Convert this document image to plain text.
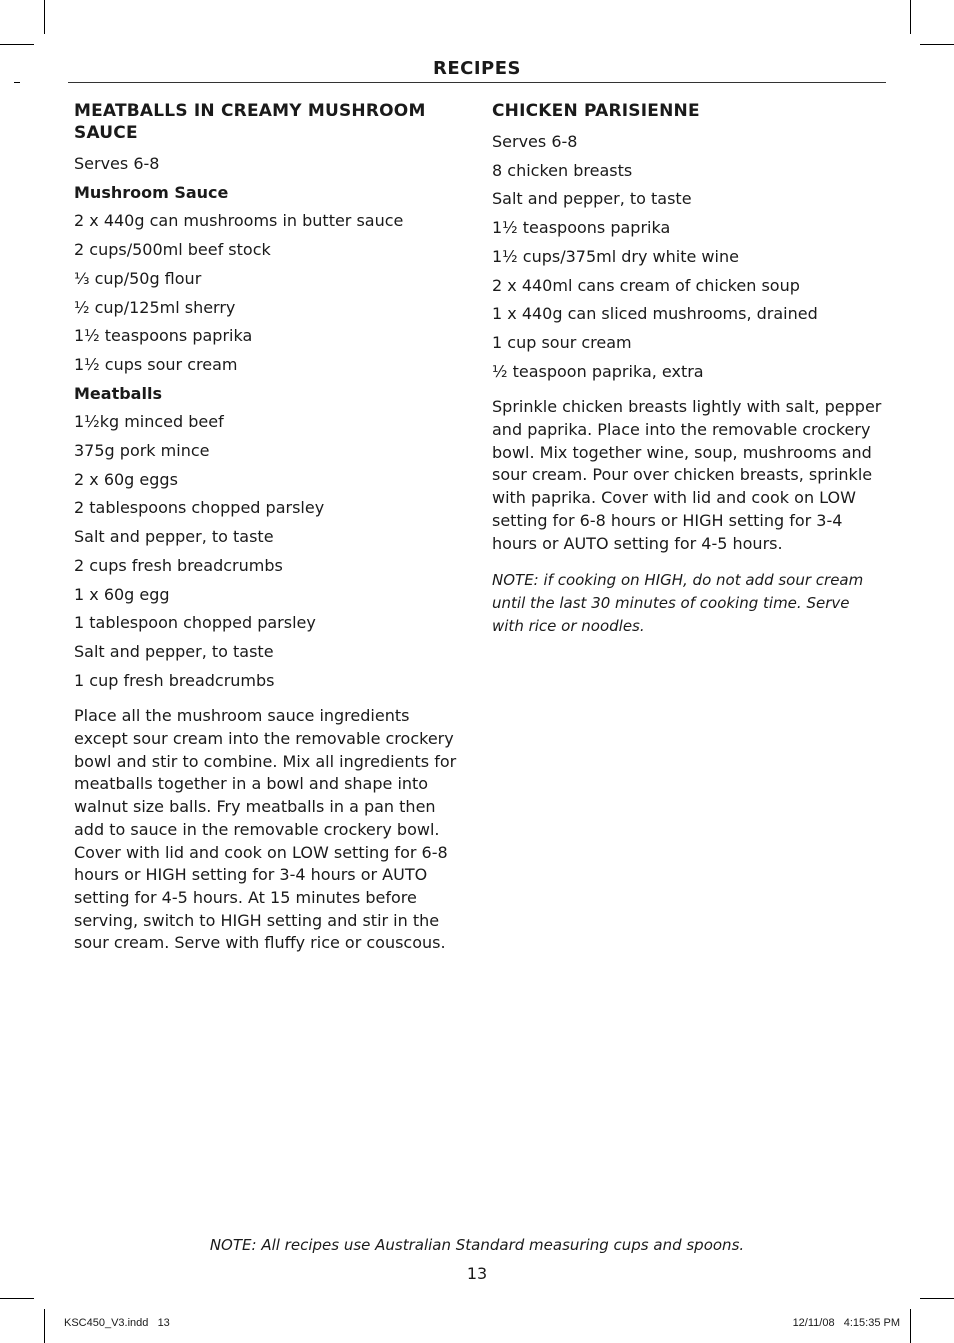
RECIPES
MEATBALLS IN CREAMY MUSHROOM SAUCE
Serves 6-8
Mushroom Sauce
2 x 440g can mushrooms in butter sauce
2 cups/500ml beef stock
⅓ cup/50g flour
½ cup/125ml sherry
1½ teaspoons paprika
1½ cups sour cream
Meatballs
1½kg minced beef
375g pork mince
2 x 60g eggs
2 tablespoons chopped parsley
Salt and pepper, to taste
2 cups fresh breadcrumbs
1 x 60g egg
1 tablespoon chopped parsley
Salt and pepper, to taste
1 cup fresh breadcrumbs
Place all the mushroom sauce ingredients except sour cream into the removable crockery bowl and stir to combine. Mix all ingredients for meatballs together in a bowl and shape into walnut size balls. Fry meatballs in a pan then add to sauce in the removable crockery bowl. Cover with lid and cook on LOW setting for 6-8 hours or HIGH setting for 3-4 hours or AUTO setting for 4-5 hours. At 15 minutes before serving, switch to HIGH setting and stir in the sour cream. Serve with fluffy rice or couscous.
CHICKEN PARISIENNE
Serves 6-8
8 chicken breasts
Salt and pepper, to taste
1½ teaspoons paprika
1½ cups/375ml dry white wine
2 x 440ml cans cream of chicken soup
1 x 440g can sliced mushrooms, drained
1 cup sour cream
½ teaspoon paprika, extra
Sprinkle chicken breasts lightly with salt, pepper and paprika. Place into the removable crockery bowl. Mix together wine, soup, mushrooms and sour cream. Pour over chicken breasts, sprinkle with paprika. Cover with lid and cook on LOW setting for 6-8 hours or HIGH setting for 3-4 hours or AUTO setting for 4-5 hours.
NOTE: if cooking on HIGH, do not add sour cream until the last 30 minutes of cooking time. Serve with rice or noodles.
NOTE: All recipes use Australian Standard measuring cups and spoons.
13
KSC450_V3.indd   13	12/11/08   4:15:35 PM
